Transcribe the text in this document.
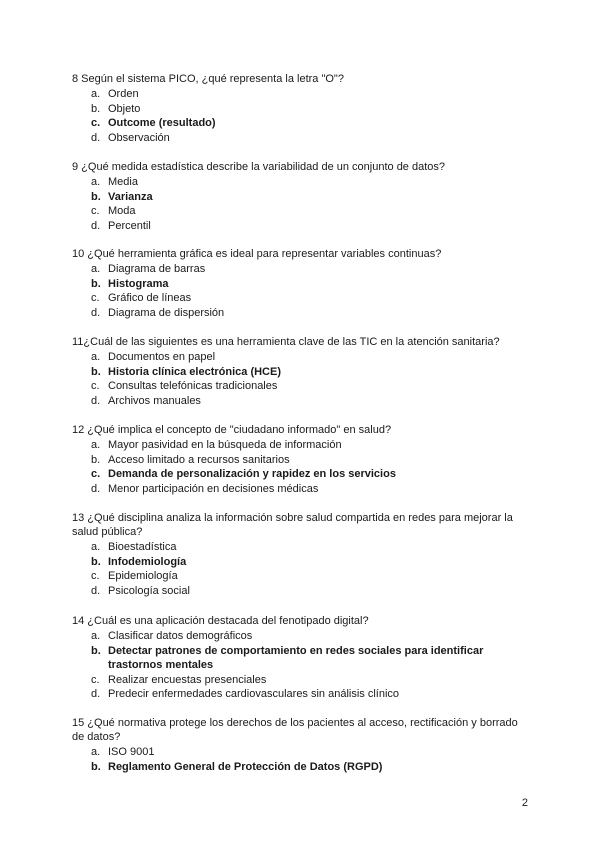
8 Según el sistema PICO, ¿qué representa la letra "O"?
a. Orden
b. Objeto
c. Outcome (resultado)
d. Observación
9 ¿Qué medida estadística describe la variabilidad de un conjunto de datos?
a. Media
b. Varianza
c. Moda
d. Percentil
10 ¿Qué herramienta gráfica es ideal para representar variables continuas?
a. Diagrama de barras
b. Histograma
c. Gráfico de líneas
d. Diagrama de dispersión
11¿Cuál de las siguientes es una herramienta clave de las TIC en la atención sanitaria?
a. Documentos en papel
b. Historia clínica electrónica (HCE)
c. Consultas telefónicas tradicionales
d. Archivos manuales
12 ¿Qué implica el concepto de "ciudadano informado" en salud?
a. Mayor pasividad en la búsqueda de información
b. Acceso limitado a recursos sanitarios
c. Demanda de personalización y rapidez en los servicios
d. Menor participación en decisiones médicas
13 ¿Qué disciplina analiza la información sobre salud compartida en redes para mejorar la salud pública?
a. Bioestadística
b. Infodemiología
c. Epidemiología
d. Psicología social
14 ¿Cuál es una aplicación destacada del fenotipado digital?
a. Clasificar datos demográficos
b. Detectar patrones de comportamiento en redes sociales para identificar trastornos mentales
c. Realizar encuestas presenciales
d. Predecir enfermedades cardiovasculares sin análisis clínico
15 ¿Qué normativa protege los derechos de los pacientes al acceso, rectificación y borrado de datos?
a. ISO 9001
b. Reglamento General de Protección de Datos (RGPD)
2
